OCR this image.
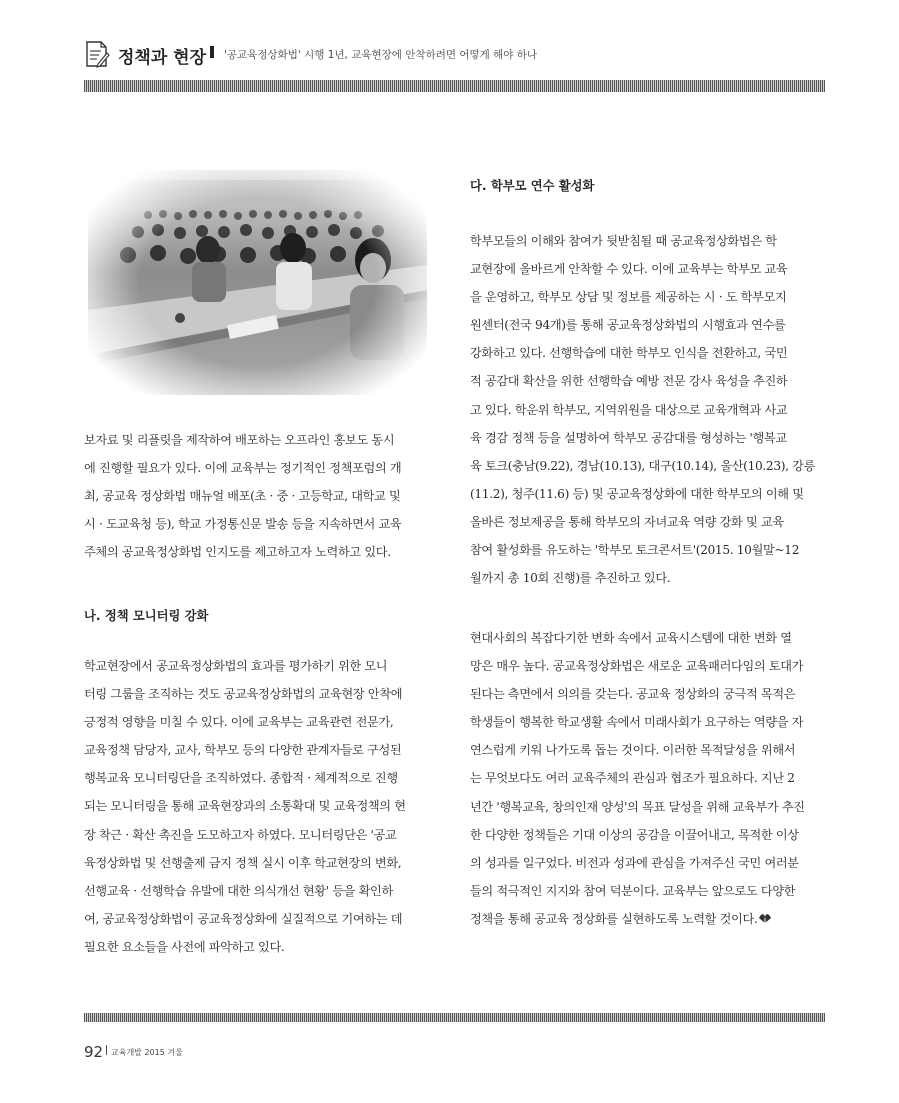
정책과 현장 '공교육정상화법' 시행 1년, 교육현장에 안착하려면 어떻게 해야 하나

보자료 및 리플릿을 제작하여 배포하는 오프라인 홍보도 동시

에 진행할 필요가 있다. 이에 교육부는 정기적인 정책포럼의 개

최, 공교육 정상화법 매뉴얼 배포(초 · 중 · 고등학교, 대학교 및

시 · 도교육청 등), 학교 가정통신문 발송 등을 지속하면서 교육

주체의 공교육정상화법 인지도를 제고하고자 노력하고 있다.

나. 정책 모니터링 강화

학교현장에서 공교육정상화법의 효과를 평가하기 위한 모니

터링 그룹을 조직하는 것도 공교육정상화법의 교육현장 안착에

긍정적 영향을 미칠 수 있다. 이에 교육부는 교육관련 전문가,

교육정책 담당자, 교사, 학부모 등의 다양한 관계자들로 구성된

행복교육 모니터링단을 조직하였다. 종합적 · 체계적으로 진행

되는 모니터링을 통해 교육현장과의 소통확대 및 교육정책의 현

장 착근 · 확산 촉진을 도모하고자 하였다. 모니터링단은 '공교

육정상화법 및 선행출제 금지 정책 실시 이후 학교현장의 변화,

선행교육 · 선행학습 유발에 대한 의식개선 현황' 등을 확인하

여, 공교육정상화법이 공교육정상화에 실질적으로 기여하는 데

필요한 요소들을 사전에 파악하고 있다.

다. 학부모 연수 활성화

학부모들의 이해와 참여가 뒷받침될 때 공교육정상화법은 학

교현장에 올바르게 안착할 수 있다. 이에 교육부는 학부모 교육

을 운영하고, 학부모 상담 및 정보를 제공하는 시 · 도 학부모지

원센터(전국 94개)를 통해 공교육정상화법의 시행효과 연수를

강화하고 있다. 선행학습에 대한 학부모 인식을 전환하고, 국민

적 공감대 확산을 위한 선행학습 예방 전문 강사 육성을 추진하

고 있다. 학운위 학부모, 지역위원을 대상으로 교육개혁과 사교

육 경감 정책 등을 설명하여 학부모 공감대를 형성하는 '행복교

육 토크(충남(9.22), 경남(10.13), 대구(10.14), 울산(10.23), 강릉

(11.2), 청주(11.6) 등) 및 공교육정상화에 대한 학부모의 이해 및

올바른 정보제공을 통해 학부모의 자녀교육 역량 강화 및 교육

참여 활성화를 유도하는 '학부모 토크콘서트'(2015. 10월말~12

월까지 총 10회 진행)를 추진하고 있다.

현대사회의 복잡다기한 변화 속에서 교육시스템에 대한 변화 열

망은 매우 높다. 공교육정상화법은 새로운 교육패러다임의 토대가

된다는 측면에서 의의를 갖는다. 공교육 정상화의 궁극적 목적은

학생들이 행복한 학교생활 속에서 미래사회가 요구하는 역량을 자

연스럽게 키워 나가도록 돕는 것이다. 이러한 목적달성을 위해서

는 무엇보다도 여러 교육주체의 관심과 협조가 필요하다. 지난 2

년간 '행복교육, 창의인재 양성'의 목표 달성을 위해 교육부가 추진

한 다양한 정책들은 기대 이상의 공감을 이끌어내고, 목적한 이상

의 성과를 일구었다. 비전과 성과에 관심을 가져주신 국민 여러분

들의 적극적인 지지와 참여 덕분이다. 교육부는 앞으로도 다양한

정책을 통해 공교육 정상화를 실현하도록 노력할 것이다.

92 교육개발 2015 겨울
